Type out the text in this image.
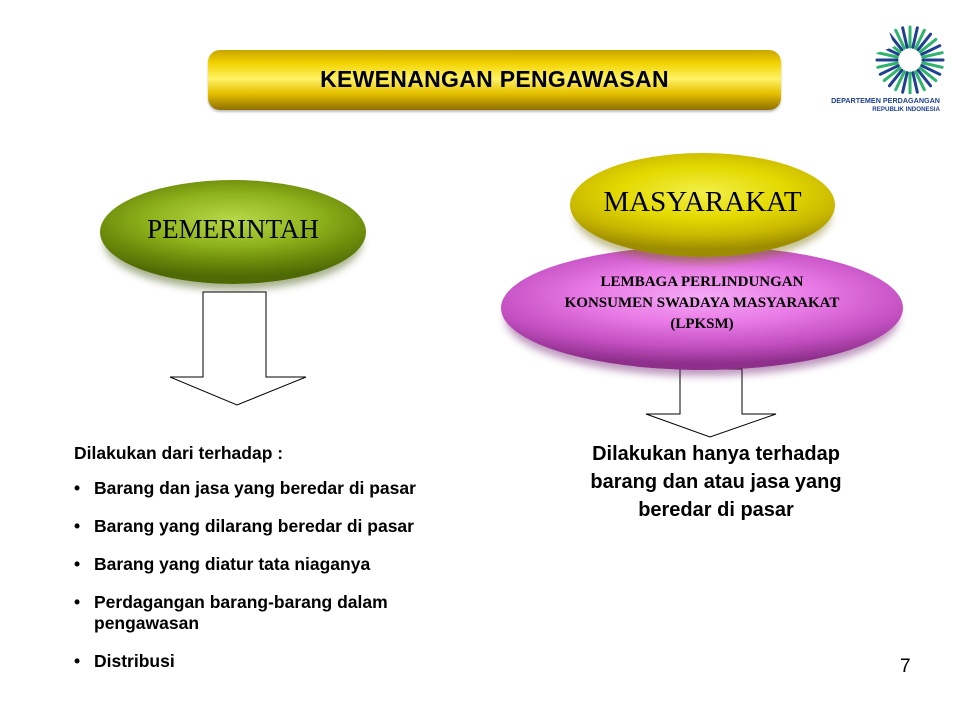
KEWENANGAN PENGAWASAN
DEPARTEMEN PERDAGANGAN
REPUBLIK INDONESIA
PEMERINTAH
LEMBAGA PERLINDUNGAN
KONSUMEN SWADAYA MASYARAKAT
(LPKSM)
MASYARAKAT
Dilakukan dari terhadap :
• Barang dan jasa yang beredar di pasar
• Barang yang dilarang beredar di pasar
• Barang yang diatur tata niaganya
• Perdagangan barang-barang dalam pengawasan
• Distribusi
Dilakukan hanya terhadap
barang dan atau jasa yang
beredar di pasar
7
